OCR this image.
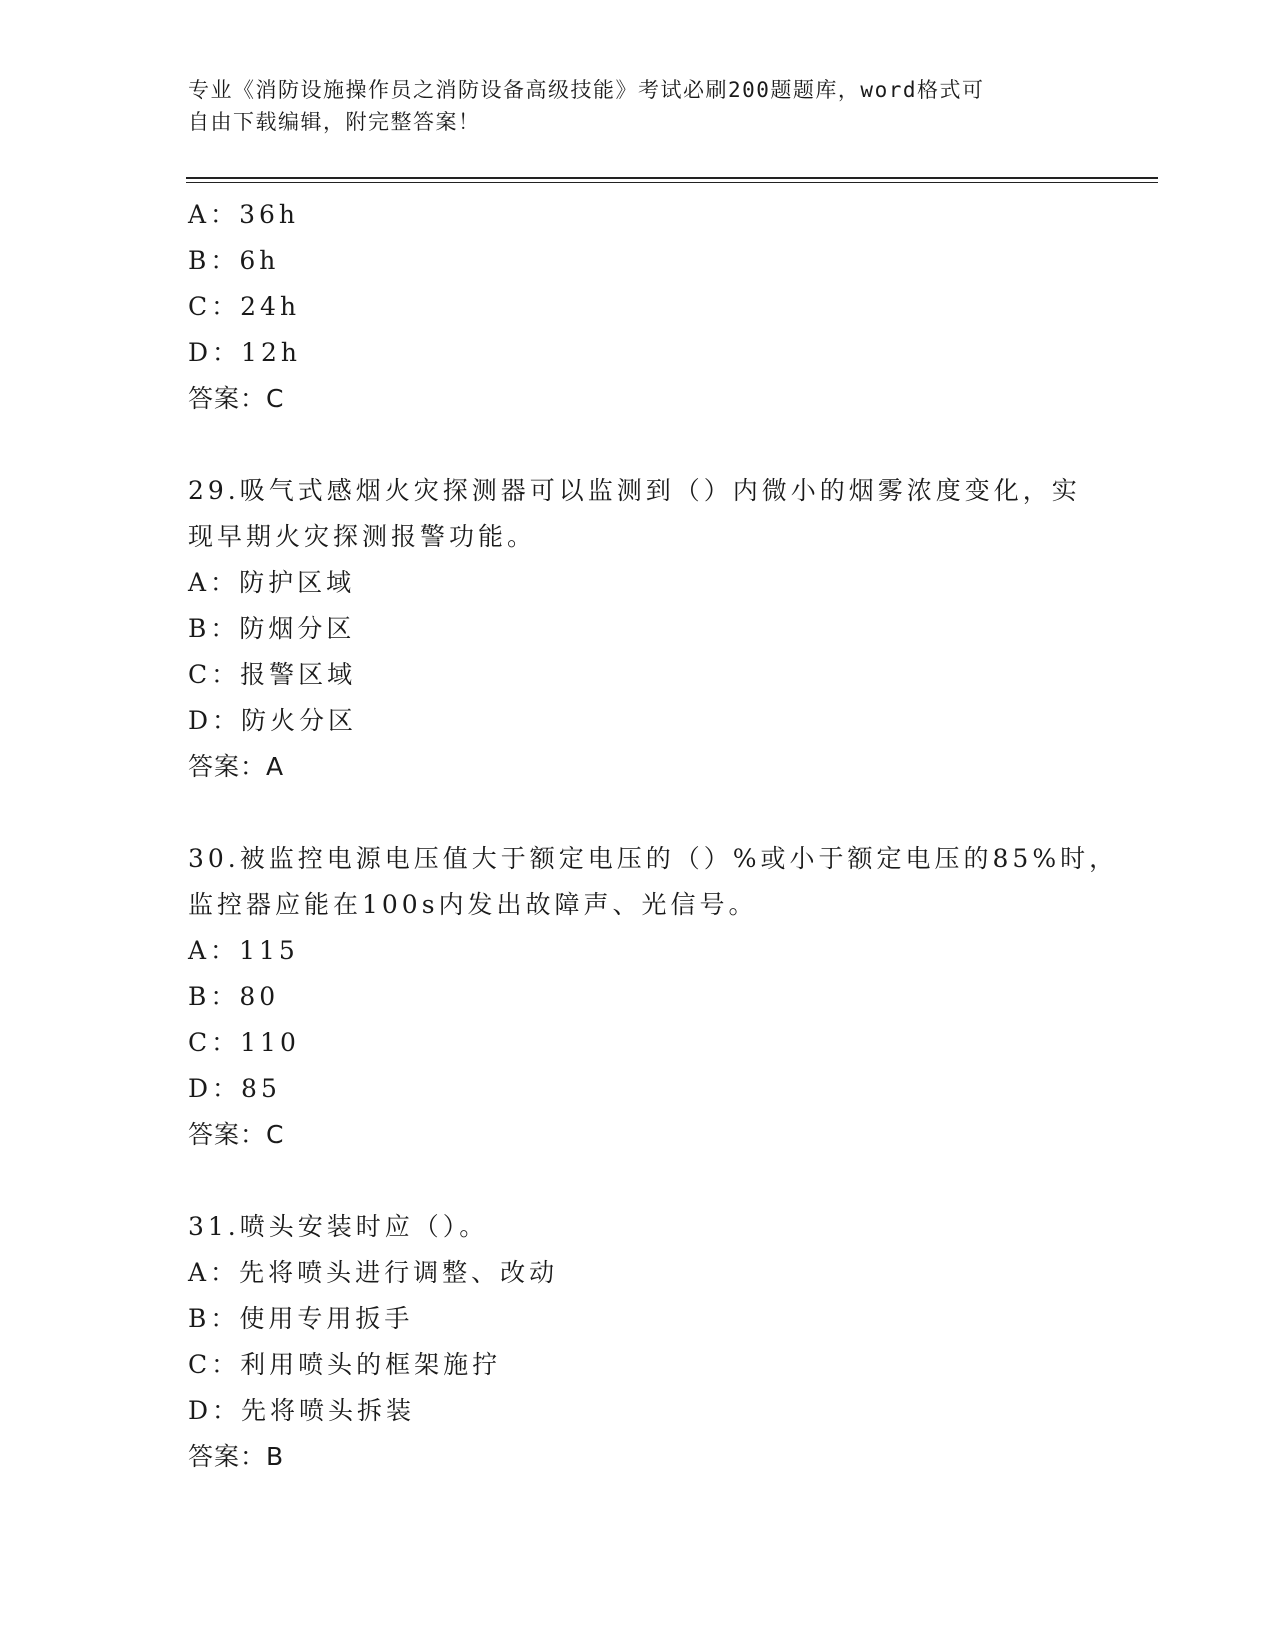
专业《消防设施操作员之消防设备高级技能》考试必刷200题题库，word格式可
自由下载编辑，附完整答案！
A：36h
B：6h
C：24h
D：12h
答案：C
29.吸气式感烟火灾探测器可以监测到（）内微小的烟雾浓度变化，实
现早期火灾探测报警功能。
A：防护区域
B：防烟分区
C：报警区域
D：防火分区
答案：A
30.被监控电源电压值大于额定电压的（）%或小于额定电压的85%时，
监控器应能在100s内发出故障声、光信号。
A：115
B：80
C：110
D：85
答案：C
31.喷头安装时应（）。
A：先将喷头进行调整、改动
B：使用专用扳手
C：利用喷头的框架施拧
D：先将喷头拆装
答案：B
